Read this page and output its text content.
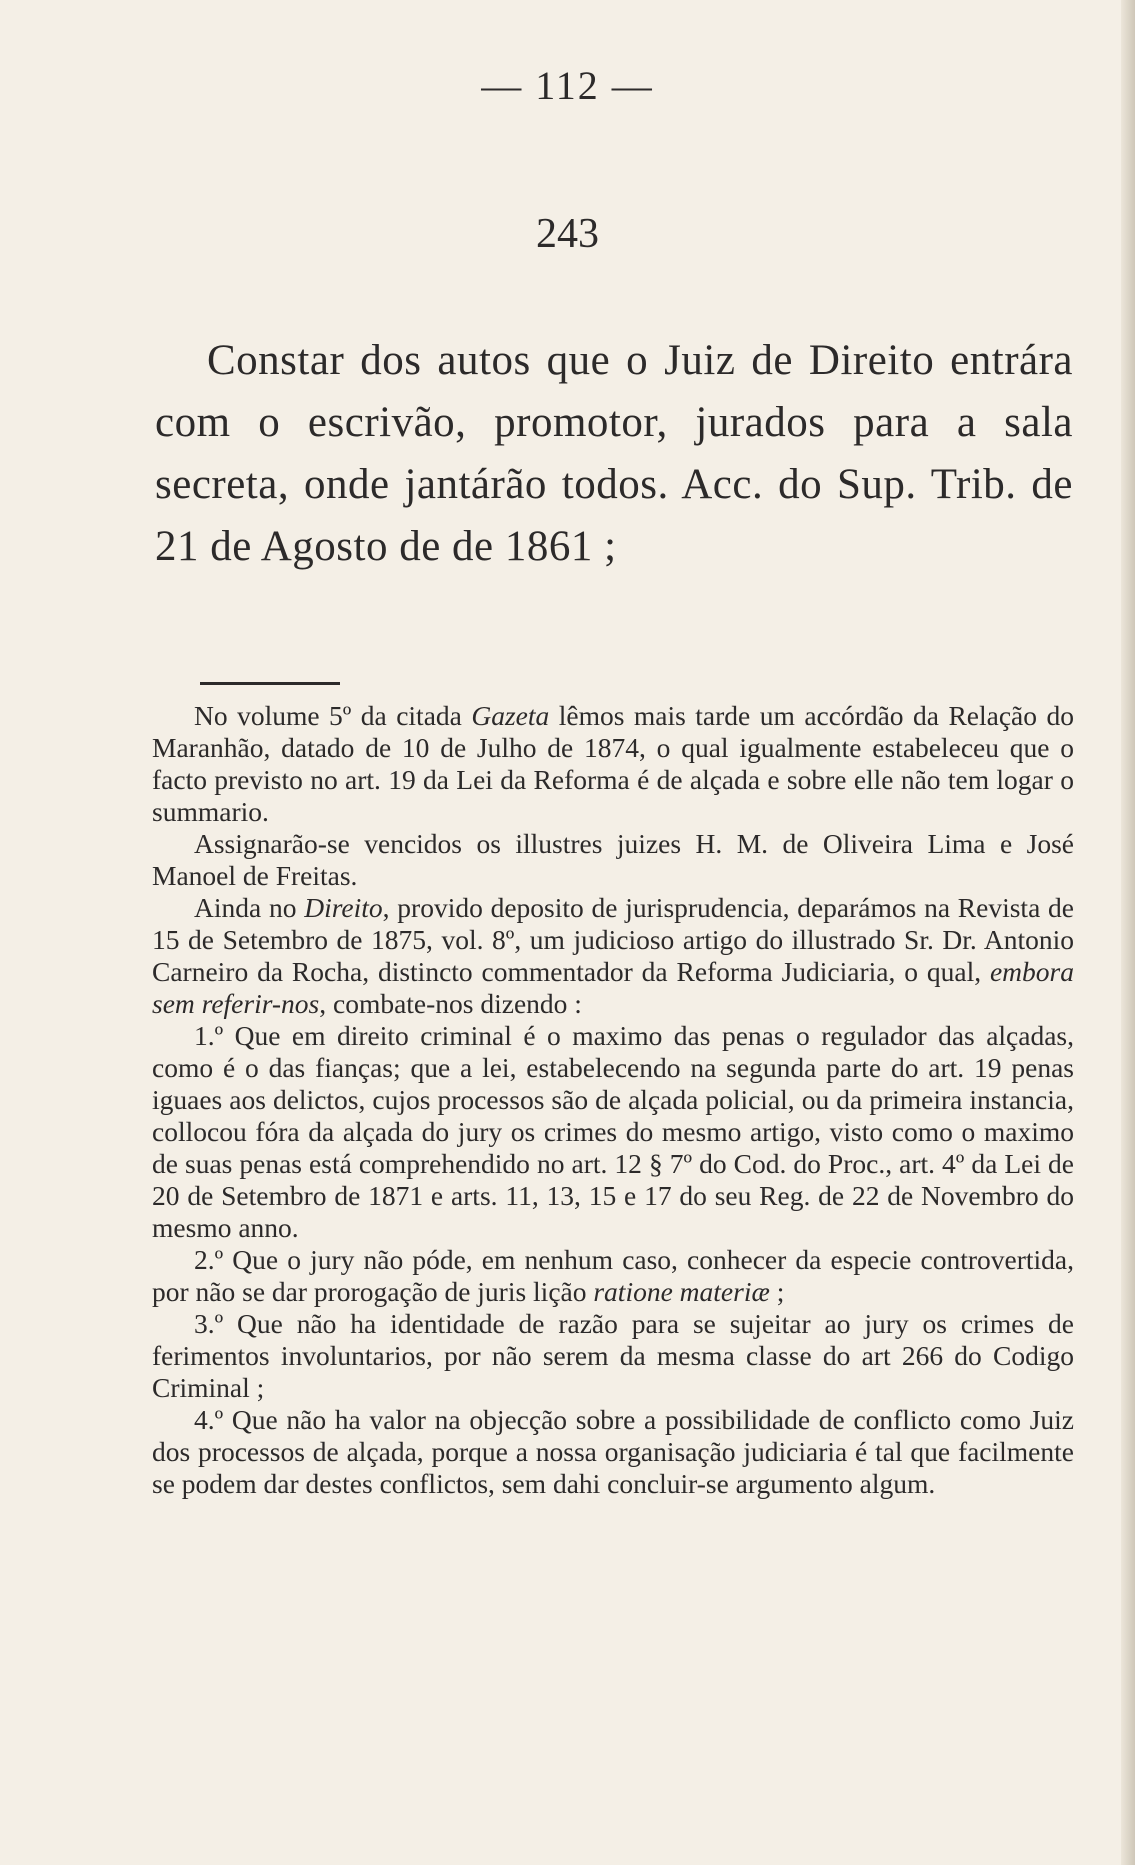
— 112 —
243

Constar dos autos que o Juiz de Direito entrára com o escrivão, promotor, jurados para a sala secreta, onde jantárão todos. Acc. do Sup. Trib. de 21 de Agosto de de 1861 ;

No volume 5º da citada Gazeta lêmos mais tarde um accórdão da Relação do Maranhão, datado de 10 de Julho de 1874, o qual igualmente estabeleceu que o facto previsto no art. 19 da Lei da Reforma é de alçada e sobre elle não tem logar o summario.

Assignarão-se vencidos os illustres juizes H. M. de Oliveira Lima e José Manoel de Freitas.

Ainda no Direito, provido deposito de jurisprudencia, deparámos na Revista de 15 de Setembro de 1875, vol. 8º, um judicioso artigo do illustrado Sr. Dr. Antonio Carneiro da Rocha, distincto commentador da Reforma Judiciaria, o qual, embora sem referir-nos, combate-nos dizendo :

1.º Que em direito criminal é o maximo das penas o regulador das alçadas, como é o das fianças; que a lei, estabelecendo na segunda parte do art. 19 penas iguaes aos delictos, cujos processos são de alçada policial, ou da primeira instancia, collocou fóra da alçada do jury os crimes do mesmo artigo, visto como o maximo de suas penas está comprehendido no art. 12 § 7º do Cod. do Proc., art. 4º da Lei de 20 de Setembro de 1871 e arts. 11, 13, 15 e 17 do seu Reg. de 22 de Novembro do mesmo anno.

2.º Que o jury não póde, em nenhum caso, conhecer da especie controvertida, por não se dar prorogação de juris lição ratione materiæ ;

3.º Que não ha identidade de razão para se sujeitar ao jury os crimes de ferimentos involuntarios, por não serem da mesma classe do art 266 do Codigo Criminal ;

4.º Que não ha valor na objecção sobre a possibilidade de conflicto como Juiz dos processos de alçada, porque a nossa organisação judiciaria é tal que facilmente se podem dar destes conflictos, sem dahi concluir-se argumento algum.
